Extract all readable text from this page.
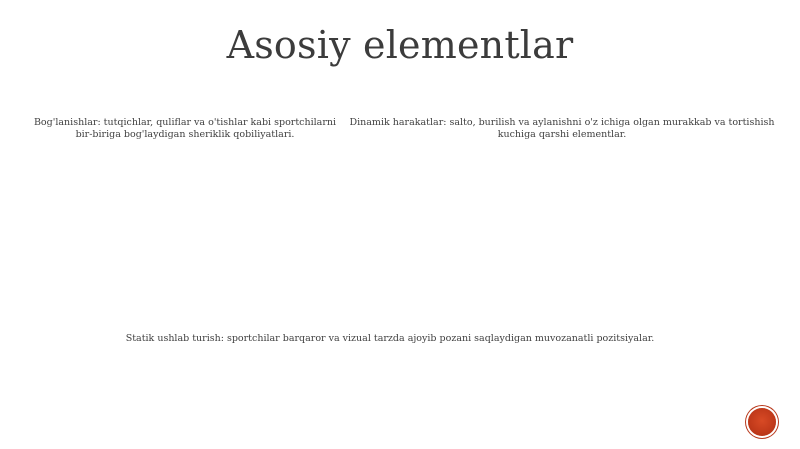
Asosiy elementlar
Bog'lanishlar: tutqichlar, quliflar va o'tishlar kabi sportchilarni bir-biriga bog'laydigan sheriklik qobiliyatlari.
Dinamik harakatlar: salto, burilish va aylanishni o'z ichiga olgan murakkab va tortishish kuchiga qarshi elementlar.
Statik ushlab turish: sportchilar barqaror va vizual tarzda ajoyib pozani saqlaydigan muvozanatli pozitsiyalar.
